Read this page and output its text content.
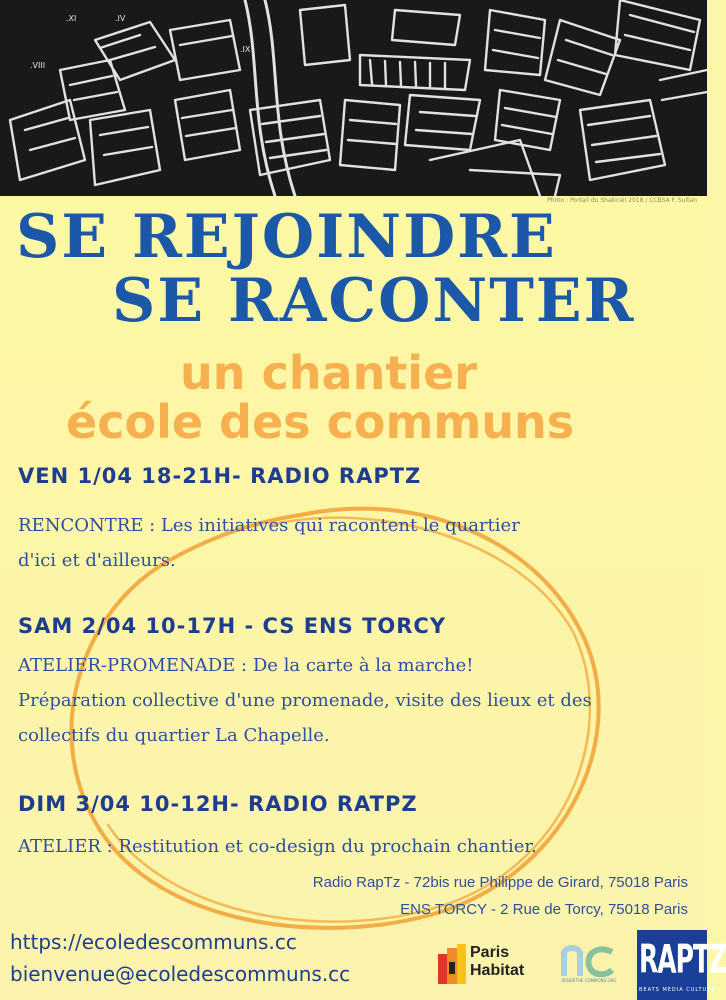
.XI	.IV
.VIII
.IX
Photo : Portail du Shakirail 2018 / CCBSA F. Sultan
SE REJOINDRE
SE RACONTER
un chantier
école des communs
VEN 1/04 18-21H- RADIO RAPTZ
RENCONTRE : Les initiatives qui racontent le quartier
d'ici et d'ailleurs.
SAM 2/04 10-17H - CS ENS TORCY
ATELIER-PROMENADE : De la carte à la marche!
Préparation collective d'une promenade, visite des lieux et des
collectifs du quartier La Chapelle.
DIM 3/04 10-12H- RADIO RATPZ
ATELIER : Restitution et co-design du prochain chantier.
Radio RapTz - 72bis rue Philippe de Girard, 75018 Paris
ENS TORCY - 2 Rue de Torcy, 75018 Paris
https://ecoledescommuns.cc
bienvenue@ecoledescommuns.cc
Paris
Habitat
RENDETHE COMMONS.ORG RAPTZ
BEATS MEDIA CULTURE
